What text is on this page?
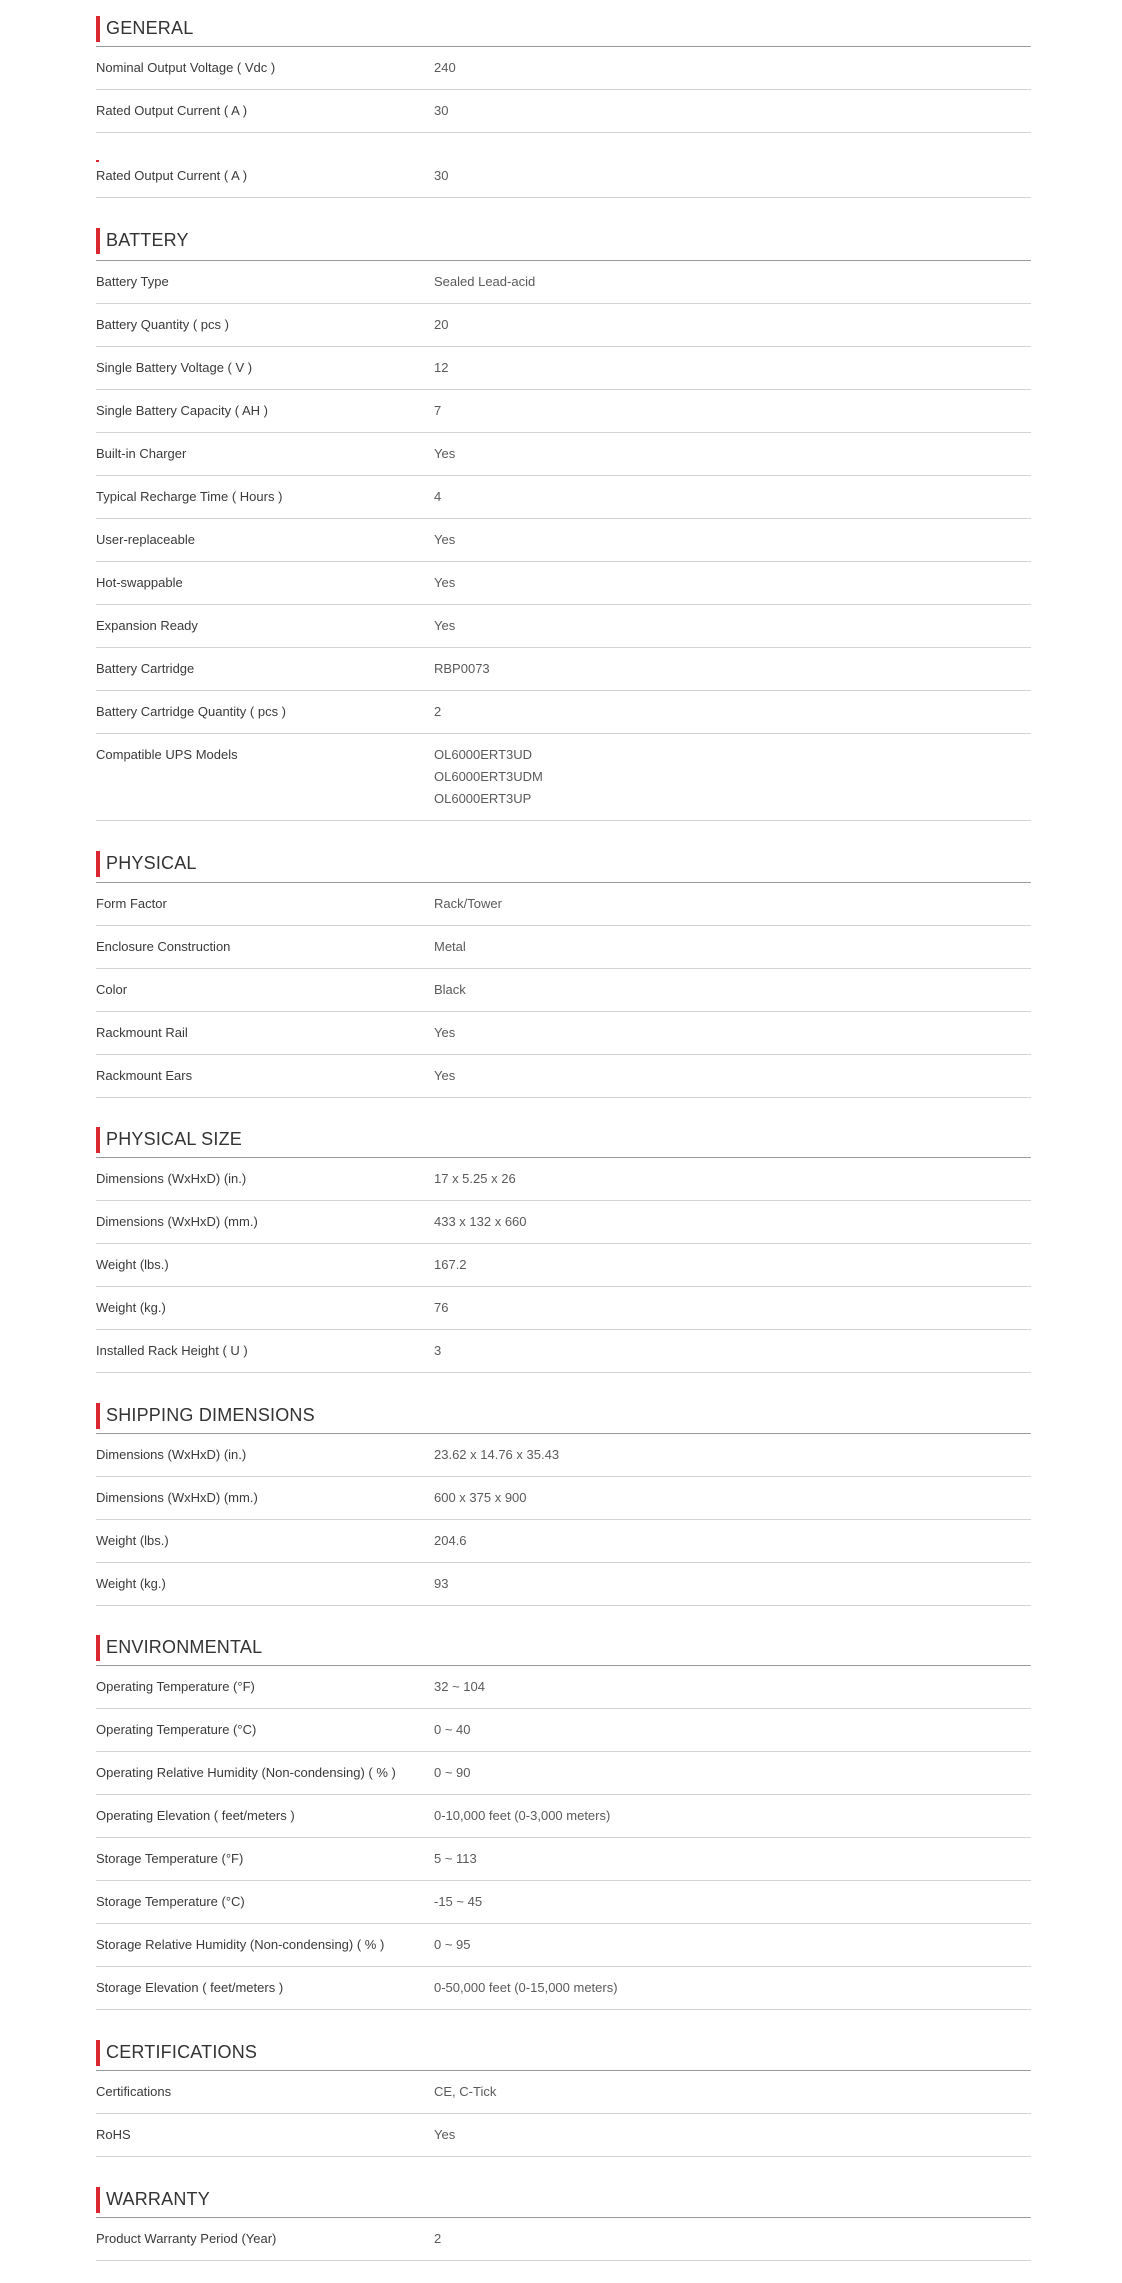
GENERAL
Nominal Output Voltage ( Vdc )	240
Rated Output Current ( A )	30
Rated Output Current ( A )	30
BATTERY
Battery Type	Sealed Lead-acid
Battery Quantity ( pcs )	20
Single Battery Voltage ( V )	12
Single Battery Capacity ( AH )	7
Built-in Charger	Yes
Typical Recharge Time ( Hours )	4
User-replaceable	Yes
Hot-swappable	Yes
Expansion Ready	Yes
Battery Cartridge	RBP0073
Battery Cartridge Quantity ( pcs )	2
Compatible UPS Models	OL6000ERT3UD
OL6000ERT3UDM
OL6000ERT3UP
PHYSICAL
Form Factor	Rack/Tower
Enclosure Construction	Metal
Color	Black
Rackmount Rail	Yes
Rackmount Ears	Yes
PHYSICAL SIZE
Dimensions (WxHxD) (in.)	17 x 5.25 x 26
Dimensions (WxHxD) (mm.)	433 x 132 x 660
Weight (lbs.)	167.2
Weight (kg.)	76
Installed Rack Height ( U )	3
SHIPPING DIMENSIONS
Dimensions (WxHxD) (in.)	23.62 x 14.76 x 35.43
Dimensions (WxHxD) (mm.)	600 x 375 x 900
Weight (lbs.)	204.6
Weight (kg.)	93
ENVIRONMENTAL
Operating Temperature (°F)	32 ~ 104
Operating Temperature (°C)	0 ~ 40
Operating Relative Humidity (Non-condensing) ( % )	0 ~ 90
Operating Elevation ( feet/meters )	0-10,000 feet (0-3,000 meters)
Storage Temperature (°F)	5 ~ 113
Storage Temperature (°C)	-15 ~ 45
Storage Relative Humidity (Non-condensing) ( % )	0 ~ 95
Storage Elevation ( feet/meters )	0-50,000 feet (0-15,000 meters)
CERTIFICATIONS
Certifications	CE, C-Tick
RoHS	Yes
WARRANTY
Product Warranty Period (Year)	2
